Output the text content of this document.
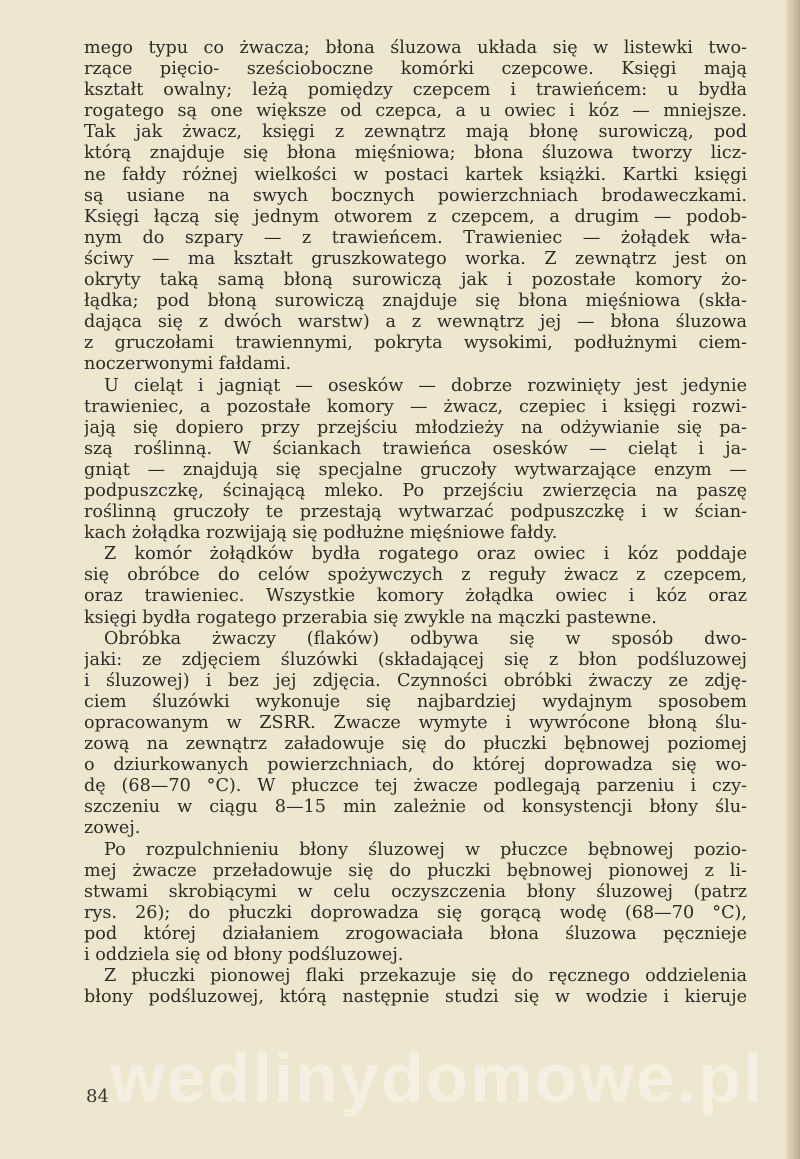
mego typu co żwacza; błona śluzowa układa się w listewki two-
rzące pięcio- sześcioboczne komórki czepcowe. Księgi mają
kształt owalny; leżą pomiędzy czepcem i trawieńcem: u bydła
rogatego są one większe od czepca, a u owiec i kóz — mniejsze.
Tak jak żwacz, księgi z zewnątrz mają błonę surowiczą, pod
którą znajduje się błona mięśniowa; błona śluzowa tworzy licz-
ne fałdy różnej wielkości w postaci kartek książki. Kartki księgi
są usiane na swych bocznych powierzchniach brodaweczkami.
Księgi łączą się jednym otworem z czepcem, a drugim — podob-
nym do szpary — z trawieńcem. Trawieniec — żołądek wła-
ściwy — ma kształt gruszkowatego worka. Z zewnątrz jest on
okryty taką samą błoną surowiczą jak i pozostałe komory żo-
łądka; pod błoną surowiczą znajduje się błona mięśniowa (skła-
dająca się z dwóch warstw) a z wewnątrz jej — błona śluzowa
z gruczołami trawiennymi, pokryta wysokimi, podłużnymi ciem-
noczerwonymi fałdami.
U cieląt i jagniąt — oseskόw — dobrze rozwinięty jest jedynie
trawieniec, a pozostałe komory — żwacz, czepiec i księgi rozwi-
jają się dopiero przy przejściu młodzieży na odżywianie się pa-
szą roślinną. W ściankach trawieńca oseskόw — cieląt i ja-
gniąt — znajdują się specjalne gruczoły wytwarzające enzym —
podpuszczkę, ścinającą mleko. Po przejściu zwierzęcia na paszę
roślinną gruczoły te przestają wytwarzać podpuszczkę i w ścian-
kach żołądka rozwijają się podłużne mięśniowe fałdy.
Z komór żołądków bydła rogatego oraz owiec i kóz poddaje
się obróbce do celów spożywczych z reguły żwacz z czepcem,
oraz trawieniec. Wszystkie komory żołądka owiec i kóz oraz
księgi bydła rogatego przerabia się zwykle na mączki pastewne.
Obróbka żwaczy (flaków) odbywa się w sposób dwo-
jaki: ze zdjęciem śluzówki (składającej się z błon podśluzowej
i śluzowej) i bez jej zdjęcia. Czynności obróbki żwaczy ze zdję-
ciem śluzówki wykonuje się najbardziej wydajnym sposobem
opracowanym w ZSRR. Żwacze wymyte i wywrócone błoną ślu-
zową na zewnątrz załadowuje się do płuczki bębnowej poziomej
o dziurkowanych powierzchniach, do której doprowadza się wo-
dę (68—70 °C). W płuczce tej żwacze podlegają parzeniu i czy-
szczeniu w ciągu 8—15 min zależnie od konsystencji błony ślu-
zowej.
Po rozpulchnieniu błony śluzowej w płuczce bębnowej pozio-
mej żwacze przeładowuje się do płuczki bębnowej pionowej z li-
stwami skrobiącymi w celu oczyszczenia błony śluzowej (patrz
rys. 26); do płuczki doprowadza się gorącą wodę (68—70 °C),
pod której działaniem zrogowaciała błona śluzowa pęcznieje
i oddziela się od błony podśluzowej.
Z płuczki pionowej flaki przekazuje się do ręcznego oddzielenia
błony podśluzowej, którą następnie studzi się w wodzie i kieruje
wedlinydomowe.pl
84
